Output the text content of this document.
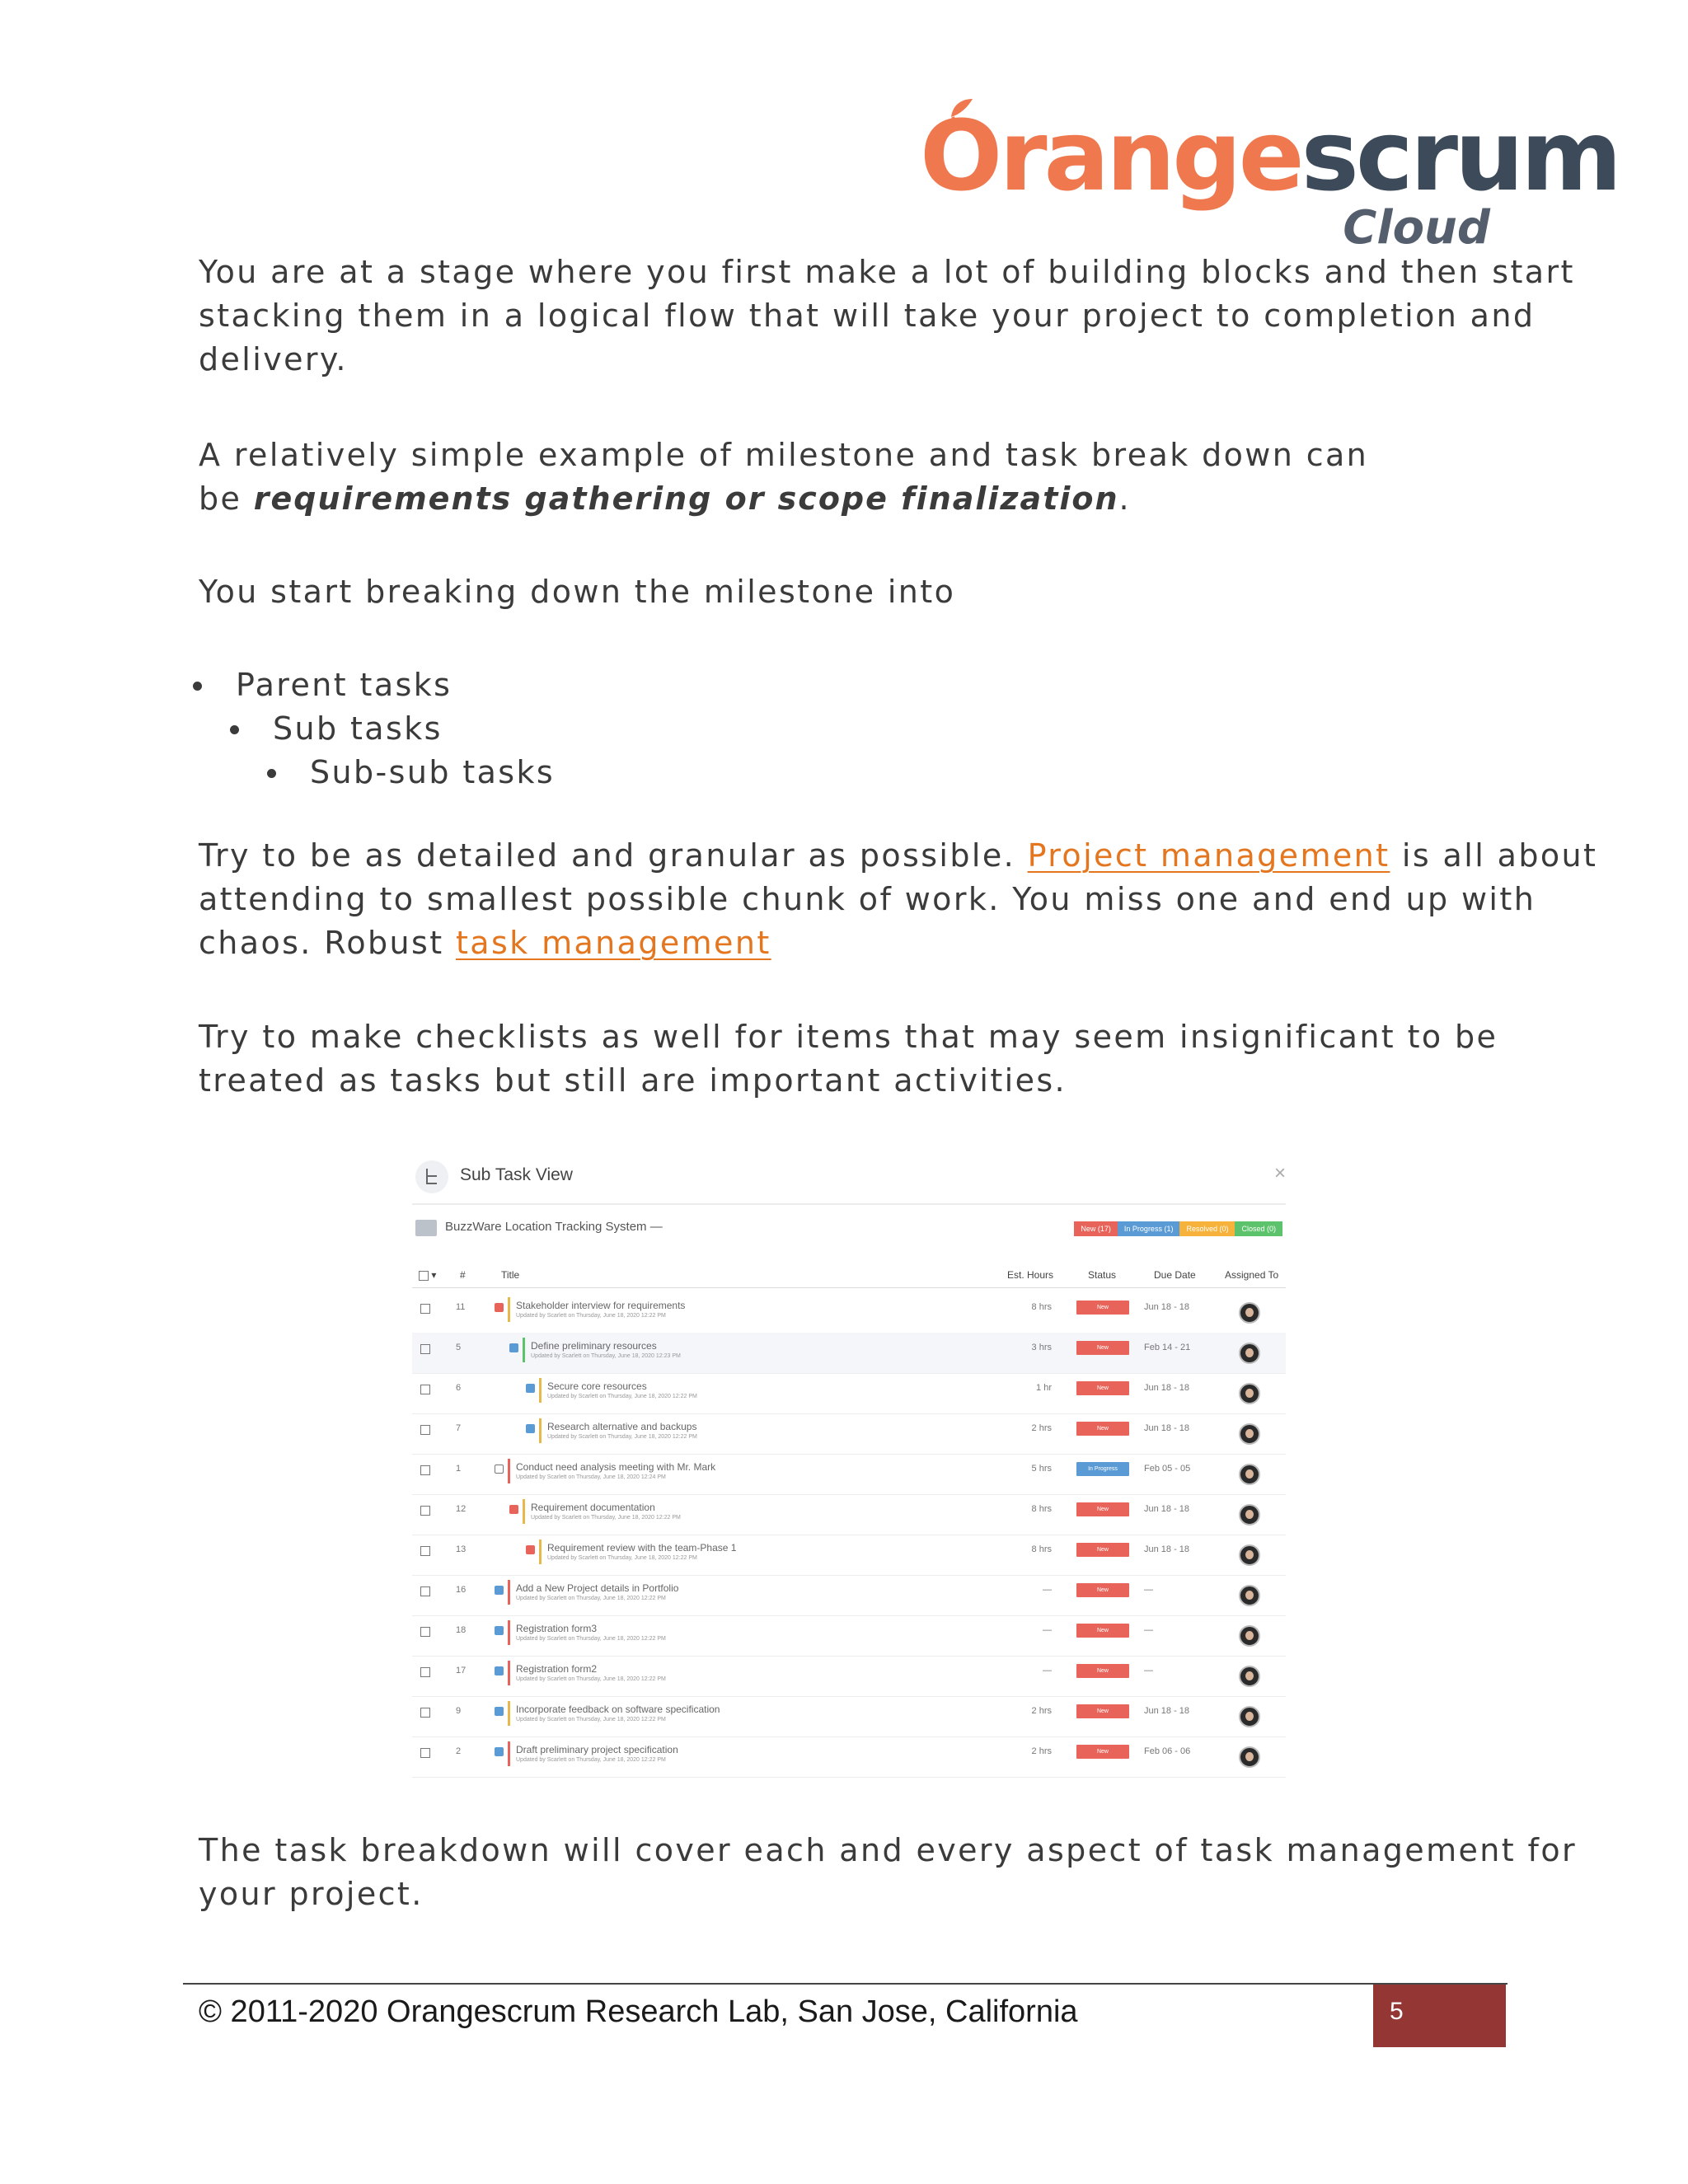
Orangescrum
Cloud

You are at a stage where you first make a lot of building blocks and then start

stacking them in a logical flow that will take your project to completion and

delivery.

A relatively simple example of milestone and task break down can

be requirements gathering or scope finalization.

You start breaking down the milestone into

Parent tasks
Sub tasks
Sub-sub tasks

Try to be as detailed and granular as possible. Project management is all about

attending to smallest possible chunk of work. You miss one and end up with

chaos. Robust task management

Try to make checklists as well for items that may seem insignificant to be

treated as tasks but still are important activities.

Sub Task View	×
BuzzWare Location Tracking System —	New (17)	In Progress (1)	Resolved (0)	Closed (0)
▾ #	Title	Est. Hours	Status	Due Date	Assigned To
11	Stakeholder interview for requirements
Updated by Scarlett on Thursday, June 18, 2020 12:22 PM
8 hrs	New	Jun 18 - 18
5	Define preliminary resources
Updated by Scarlett on Thursday, June 18, 2020 12:23 PM
3 hrs	New	Feb 14 - 21
6	Secure core resources
Updated by Scarlett on Thursday, June 18, 2020 12:22 PM
1 hr	New	Jun 18 - 18
7	Research alternative and backups
Updated by Scarlett on Thursday, June 18, 2020 12:22 PM
2 hrs	New	Jun 18 - 18
1	Conduct need analysis meeting with Mr. Mark
Updated by Scarlett on Thursday, June 18, 2020 12:24 PM
5 hrs	In Progress	Feb 05 - 05
12	Requirement documentation
Updated by Scarlett on Thursday, June 18, 2020 12:22 PM
8 hrs	New	Jun 18 - 18
13	Requirement review with the team-Phase 1
Updated by Scarlett on Thursday, June 18, 2020 12:22 PM
8 hrs	New	Jun 18 - 18
16	Add a New Project details in Portfolio
Updated by Scarlett on Thursday, June 18, 2020 12:22 PM
—	New	—
18	Registration form3
Updated by Scarlett on Thursday, June 18, 2020 12:22 PM
—	New	—
17	Registration form2
Updated by Scarlett on Thursday, June 18, 2020 12:22 PM
—	New	—
9	Incorporate feedback on software specification
Updated by Scarlett on Thursday, June 18, 2020 12:22 PM
2 hrs	New	Jun 18 - 18
2	Draft preliminary project specification
Updated by Scarlett on Thursday, June 18, 2020 12:22 PM
2 hrs	New	Feb 06 - 06

The task breakdown will cover each and every aspect of task management for

your project.

© 2011-2020 Orangescrum Research Lab, San Jose, California	5
